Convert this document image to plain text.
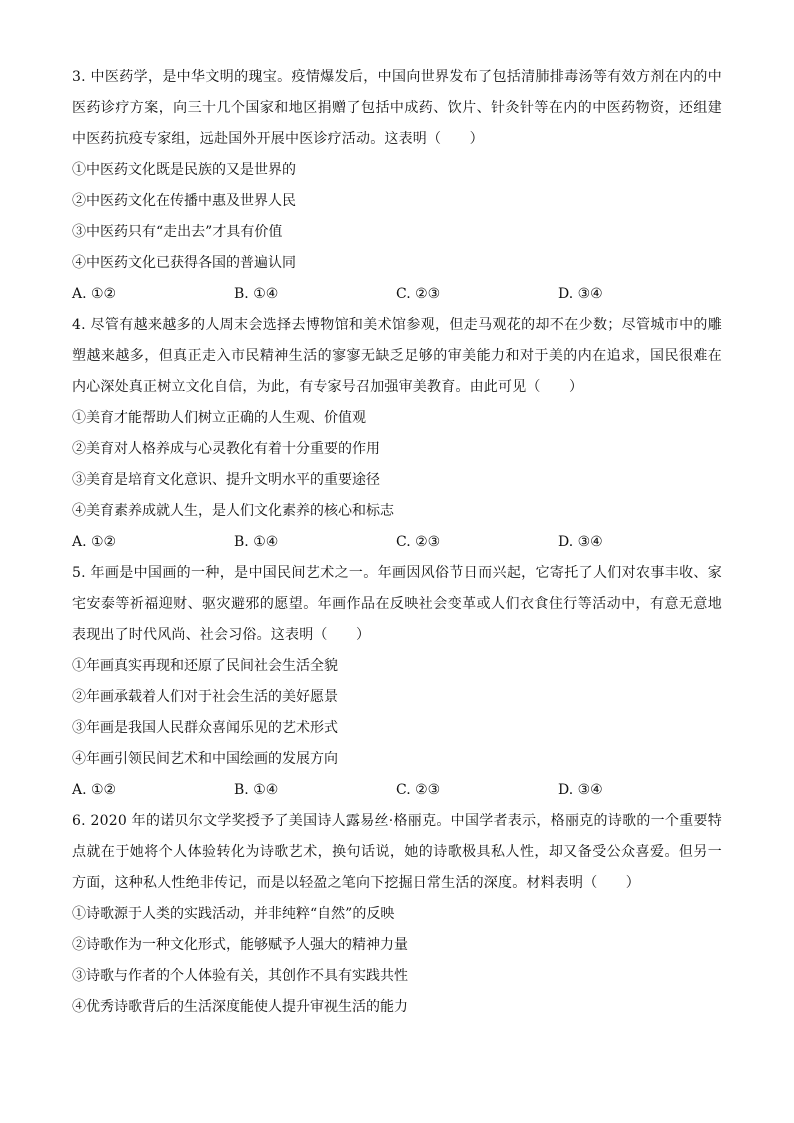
3. 中医药学，是中华文明的瑰宝。疫情爆发后，中国向世界发布了包括清肺排毒汤等有效方剂在内的中医药诊疗方案，向三十几个国家和地区捐赠了包括中成药、饮片、针灸针等在内的中医药物资，还组建中医药抗疫专家组，远赴国外开展中医诊疗活动。这表明（　　）

①中医药文化既是民族的又是世界的

②中医药文化在传播中惠及世界人民

③中医药只有“走出去”才具有价值

④中医药文化已获得各国的普遍认同

A. ①②	B. ①④	C. ②③	D. ③④

4. 尽管有越来越多的人周末会选择去博物馆和美术馆参观，但走马观花的却不在少数；尽管城市中的雕塑越来越多，但真正走入市民精神生活的寥寥无缺乏足够的审美能力和对于美的内在追求，国民很难在内心深处真正树立文化自信，为此，有专家号召加强审美教育。由此可见（　　）

①美育才能帮助人们树立正确的人生观、价值观

②美育对人格养成与心灵教化有着十分重要的作用

③美育是培育文化意识、提升文明水平的重要途径

④美育素养成就人生，是人们文化素养的核心和标志

A. ①②	B. ①④	C. ②③	D. ③④

5. 年画是中国画的一种，是中国民间艺术之一。年画因风俗节日而兴起，它寄托了人们对农事丰收、家宅安泰等祈福迎财、驱灾避邪的愿望。年画作品在反映社会变革或人们衣食住行等活动中，有意无意地表现出了时代风尚、社会习俗。这表明（　　）

①年画真实再现和还原了民间社会生活全貌

②年画承载着人们对于社会生活的美好愿景

③年画是我国人民群众喜闻乐见的艺术形式

④年画引领民间艺术和中国绘画的发展方向

A. ①②	B. ①④	C. ②③	D. ③④

6. 2020 年的诺贝尔文学奖授予了美国诗人露易丝·格丽克。中国学者表示，格丽克的诗歌的一个重要特点就在于她将个人体验转化为诗歌艺术，换句话说，她的诗歌极具私人性，却又备受公众喜爱。但另一方面，这种私人性绝非传记，而是以轻盈之笔向下挖掘日常生活的深度。材料表明（　　）

①诗歌源于人类的实践活动，并非纯粹“自然”的反映

②诗歌作为一种文化形式，能够赋予人强大的精神力量

③诗歌与作者的个人体验有关，其创作不具有实践共性

④优秀诗歌背后的生活深度能使人提升审视生活的能力
